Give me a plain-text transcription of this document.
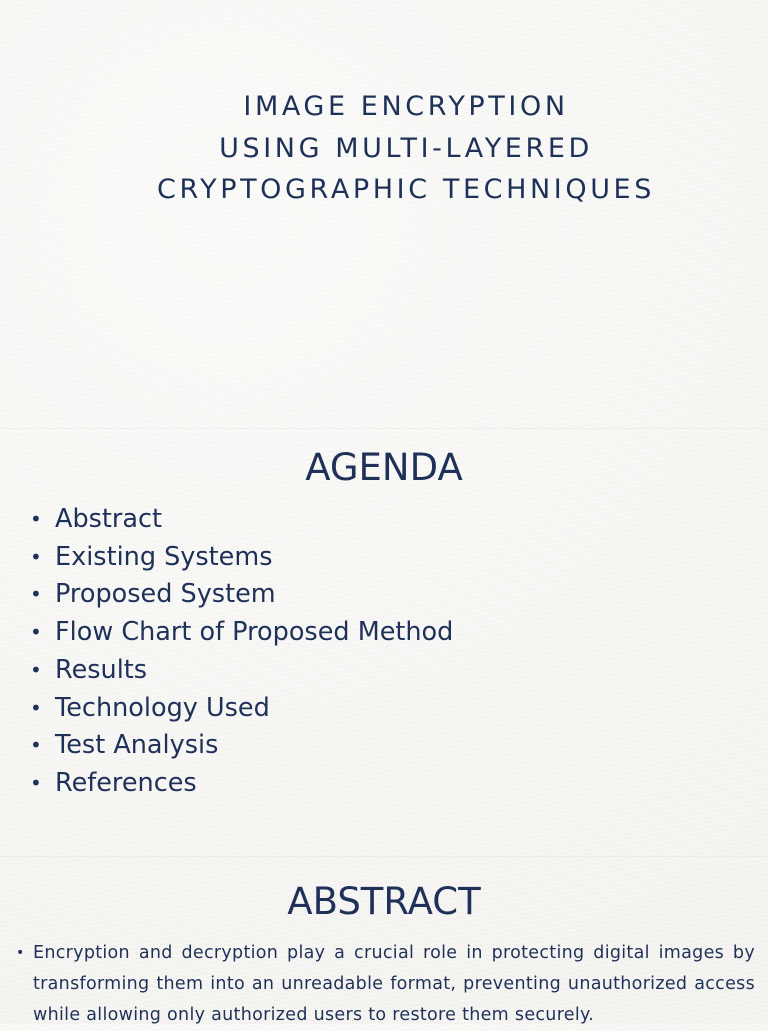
IMAGE ENCRYPTION
USING MULTI-LAYERED
CRYPTOGRAPHIC TECHNIQUES
AGENDA
• Abstract
• Existing Systems
• Proposed System
• Flow Chart of Proposed Method
• Results
• Technology Used
• Test Analysis
• References
ABSTRACT
• Encryption and decryption play a crucial role in protecting digital images by transforming them into an unreadable format, preventing unauthorized access while allowing only authorized users to restore them securely.
